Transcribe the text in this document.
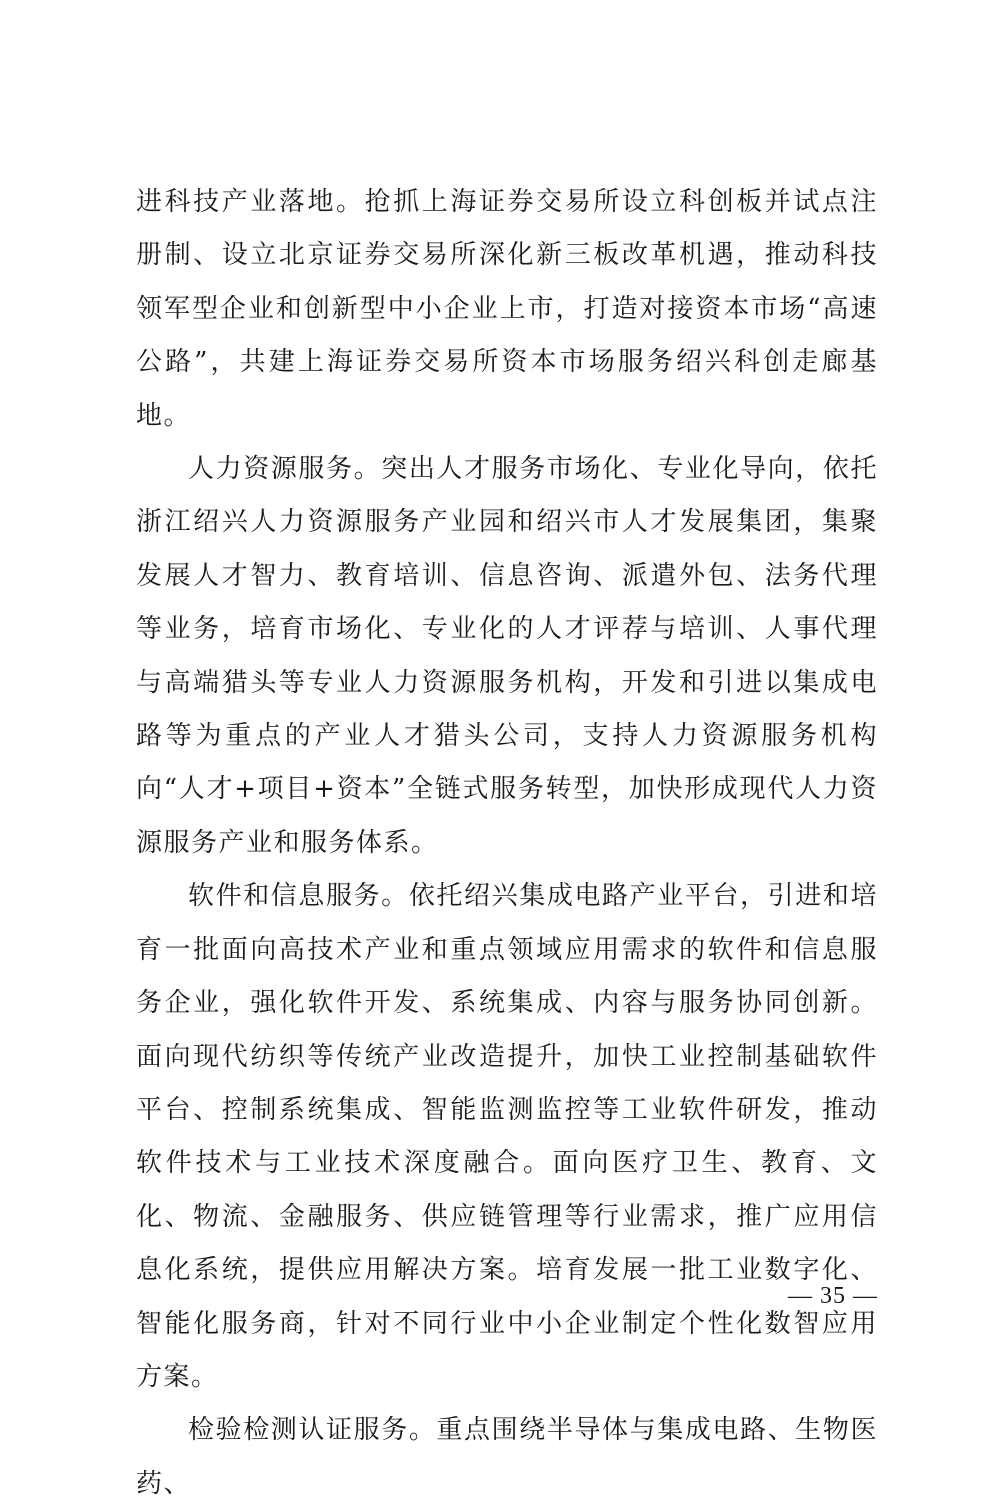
进科技产业落地。抢抓上海证券交易所设立科创板并试点注册制、设立北京证券交易所深化新三板改革机遇，推动科技领军型企业和创新型中小企业上市，打造对接资本市场“高速公路”，共建上海证券交易所资本市场服务绍兴科创走廊基地。

人力资源服务。突出人才服务市场化、专业化导向，依托浙江绍兴人力资源服务产业园和绍兴市人才发展集团，集聚发展人才智力、教育培训、信息咨询、派遣外包、法务代理等业务，培育市场化、专业化的人才评荐与培训、人事代理与高端猎头等专业人力资源服务机构，开发和引进以集成电路等为重点的产业人才猎头公司，支持人力资源服务机构向“人才+项目+资本”全链式服务转型，加快形成现代人力资源服务产业和服务体系。

软件和信息服务。依托绍兴集成电路产业平台，引进和培育一批面向高技术产业和重点领域应用需求的软件和信息服务企业，强化软件开发、系统集成、内容与服务协同创新。面向现代纺织等传统产业改造提升，加快工业控制基础软件平台、控制系统集成、智能监测监控等工业软件研发，推动软件技术与工业技术深度融合。面向医疗卫生、教育、文化、物流、金融服务、供应链管理等行业需求，推广应用信息化系统，提供应用解决方案。培育发展一批工业数字化、智能化服务商，针对不同行业中小企业制定个性化数智应用方案。

检验检测认证服务。重点围绕半导体与集成电路、生物医药、

— 35 —
